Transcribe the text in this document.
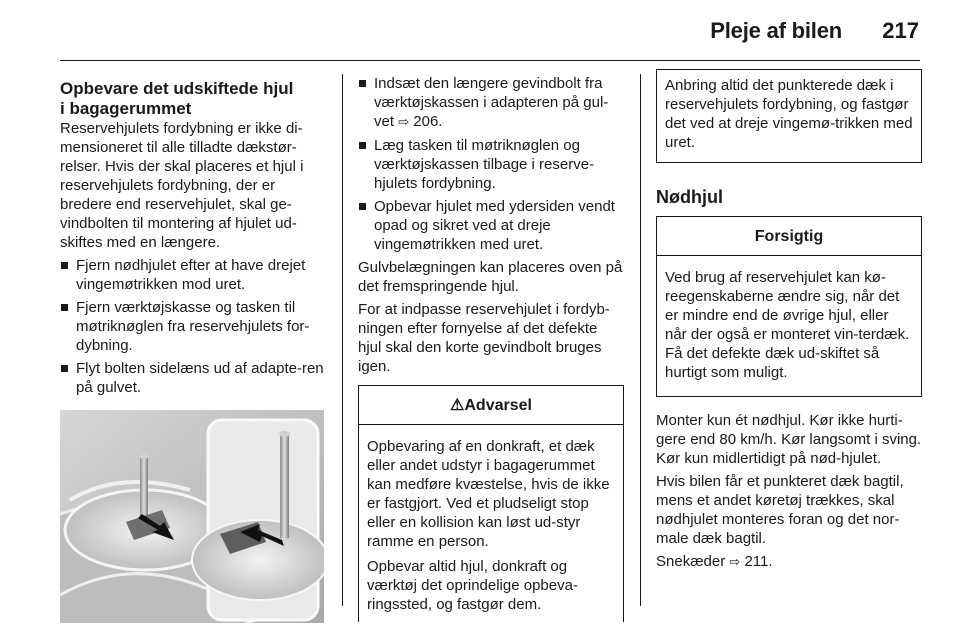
Pleje af bilen 217
Opbevare det udskiftede hjul
i bagagerummet

Reservehjulets fordybning er ikke di-mensioneret til alle tilladte dækstør-relser. Hvis der skal placeres et hjul i reservehjulets fordybning, der er bredere end reservehjulet, skal ge-vindbolten til montering af hjulet ud-skiftes med en længere.

Fjern nødhjulet efter at have drejet vingemøtrikken mod uret.
Fjern værktøjskasse og tasken til møtriknøglen fra reservehjulets for-dybning.
Flyt bolten sidelæns ud af adapte-ren på gulvet.
Indsæt den længere gevindbolt fra værktøjskassen i adapteren på gul-vet ⇨ 206.
Læg tasken til møtriknøglen og værktøjskassen tilbage i reserve-hjulets fordybning.
Opbevar hjulet med ydersiden vendt opad og sikret ved at dreje vingemøtrikken med uret.

Gulvbelægningen kan placeres oven på det fremspringende hjul.

For at indpasse reservehjulet i fordyb-ningen efter fornyelse af det defekte hjul skal den korte gevindbolt bruges igen.

⚠Advarsel

Opbevaring af en donkraft, et dæk eller andet udstyr i bagagerummet kan medføre kvæstelse, hvis de ikke er fastgjort. Ved et pludseligt stop eller en kollision kan løst ud-styr ramme en person.

Opbevar altid hjul, donkraft og værktøj det oprindelige opbeva-ringssted, og fastgør dem.

Anbring altid det punkterede dæk i reservehjulets fordybning, og fastgør det ved at dreje vingemø-trikken med uret.
Nødhjul
Forsigtig

Ved brug af reservehjulet kan kø-reegenskaberne ændre sig, når det er mindre end de øvrige hjul, eller når der også er monteret vin-terdæk. Få det defekte dæk ud-skiftet så hurtigt som muligt.

Monter kun ét nødhjul. Kør ikke hurti-gere end 80 km/h. Kør langsomt i sving. Kør kun midlertidigt på nød-hjulet.

Hvis bilen får et punkteret dæk bagtil, mens et andet køretøj trækkes, skal nødhjulet monteres foran og det nor-male dæk bagtil.

Snekæder ⇨ 211.
